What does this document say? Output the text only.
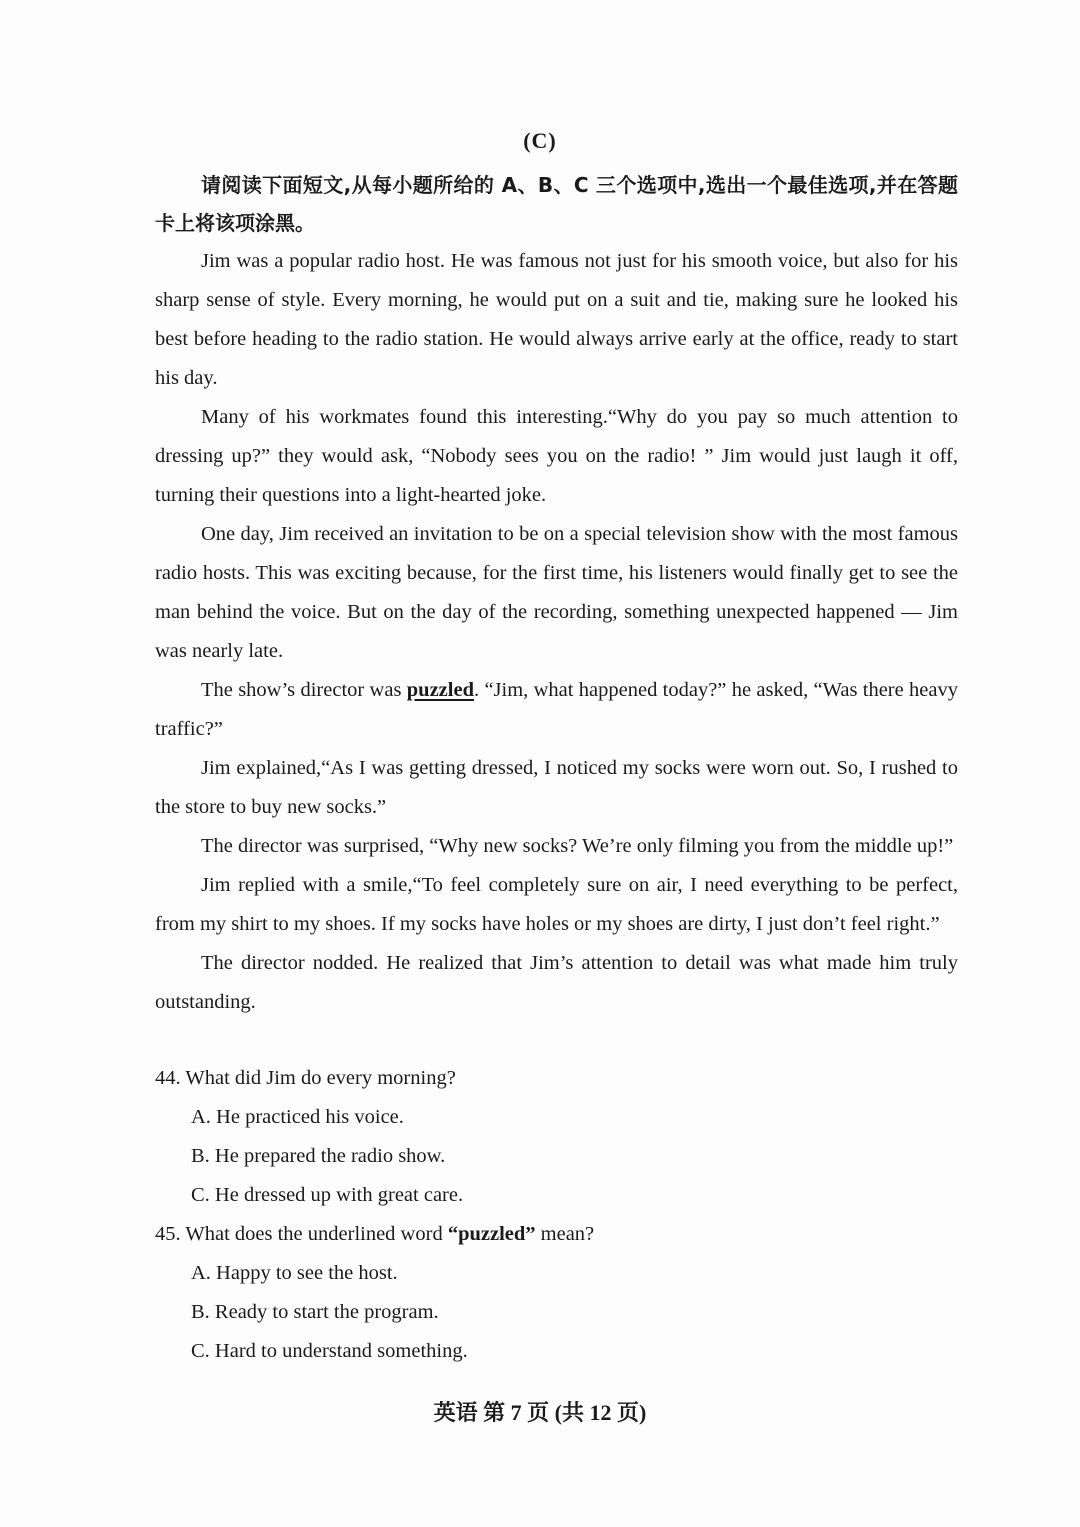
(C)
请阅读下面短文,从每小题所给的 A、B、C 三个选项中,选出一个最佳选项,并在答题卡上将该项涂黑。

Jim was a popular radio host. He was famous not just for his smooth voice, but also for his sharp sense of style. Every morning, he would put on a suit and tie, making sure he looked his best before heading to the radio station. He would always arrive early at the office, ready to start his day.

Many of his workmates found this interesting.“Why do you pay so much attention to dressing up?” they would ask, “Nobody sees you on the radio! ” Jim would just laugh it off, turning their questions into a light-hearted joke.

One day, Jim received an invitation to be on a special television show with the most famous radio hosts. This was exciting because, for the first time, his listeners would finally get to see the man behind the voice. But on the day of the recording, something unexpected happened — Jim was nearly late.

The show’s director was puzzled. “Jim, what happened today?” he asked, “Was there heavy traffic?”

Jim explained,“As I was getting dressed, I noticed my socks were worn out. So, I rushed to the store to buy new socks.”

The director was surprised, “Why new socks? We’re only filming you from the middle up!”

Jim replied with a smile,“To feel completely sure on air, I need everything to be perfect, from my shirt to my shoes. If my socks have holes or my shoes are dirty, I just don’t feel right.”

The director nodded. He realized that Jim’s attention to detail was what made him truly outstanding.

44. What did Jim do every morning?

A. He practiced his voice.

B. He prepared the radio show.

C. He dressed up with great care.

45. What does the underlined word “puzzled” mean?

A. Happy to see the host.

B. Ready to start the program.

C. Hard to understand something.

英语 第 7 页 (共 12 页)
